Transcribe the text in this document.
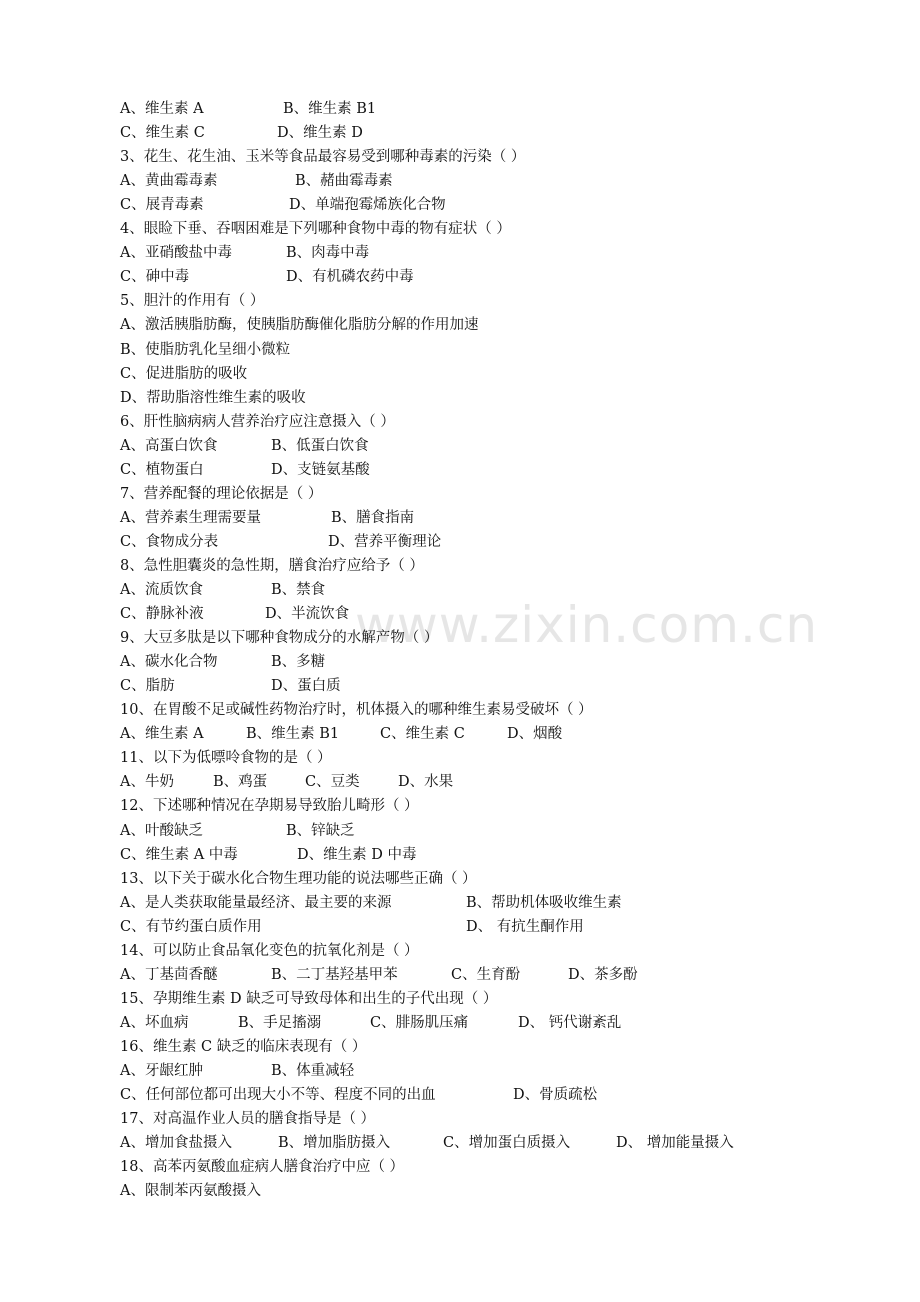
www.zixin.com.cn
A、维生素 A	B、维生素 B1
C、维生素 C	D、维生素 D
3、花生、花生油、玉米等食品最容易受到哪种毒素的污染（ ）
A、黄曲霉毒素	B、赭曲霉毒素
C、展青毒素	D、单端孢霉烯族化合物
4、眼睑下垂、吞咽困难是下列哪种食物中毒的物有症状（ ）
A、亚硝酸盐中毒	B、肉毒中毒
C、砷中毒	D、有机磷农药中毒
5、胆汁的作用有（ ）
A、激活胰脂肪酶，使胰脂肪酶催化脂肪分解的作用加速
B、使脂肪乳化呈细小微粒
C、促进脂肪的吸收
D、帮助脂溶性维生素的吸收
6、肝性脑病病人营养治疗应注意摄入（ ）
A、高蛋白饮食	B、低蛋白饮食
C、植物蛋白	D、支链氨基酸
7、营养配餐的理论依据是（ ）
A、营养素生理需要量	B、膳食指南
C、食物成分表	D、营养平衡理论
8、急性胆囊炎的急性期，膳食治疗应给予（ ）
A、流质饮食	B、禁食
C、静脉补液	D、半流饮食
9、大豆多肽是以下哪种食物成分的水解产物（ ）
A、碳水化合物	B、多糖
C、脂肪	D、蛋白质
10、在胃酸不足或碱性药物治疗时，机体摄入的哪种维生素易受破坏（ ）
A、维生素 A	B、维生素 B1	C、维生素 C	D、烟酸
11、以下为低嘌呤食物的是（ ）
A、牛奶	B、鸡蛋	C、豆类	D、水果
12、下述哪种情况在孕期易导致胎儿畸形（ ）
A、叶酸缺乏	B、锌缺乏
C、维生素 A 中毒	D、维生素 D 中毒
13、以下关于碳水化合物生理功能的说法哪些正确（ ）
A、是人类获取能量最经济、最主要的来源	B、帮助机体吸收维生素
C、有节约蛋白质作用	D、 有抗生酮作用
14、可以防止食品氧化变色的抗氧化剂是（ ）
A、丁基茴香醚	B、二丁基羟基甲苯	C、生育酚	D、茶多酚
15、孕期维生素 D 缺乏可导致母体和出生的子代出现（ ）
A、坏血病	B、手足搐溺	C、腓肠肌压痛	D、 钙代谢紊乱
16、维生素 C 缺乏的临床表现有（ ）
A、牙龈红肿	B、体重减轻
C、任何部位都可出现大小不等、程度不同的出血	D、骨质疏松
17、对高温作业人员的膳食指导是（ ）
A、增加食盐摄入	B、增加脂肪摄入	C、增加蛋白质摄入	D、 增加能量摄入
18、高苯丙氨酸血症病人膳食治疗中应（ ）
A、限制苯丙氨酸摄入
